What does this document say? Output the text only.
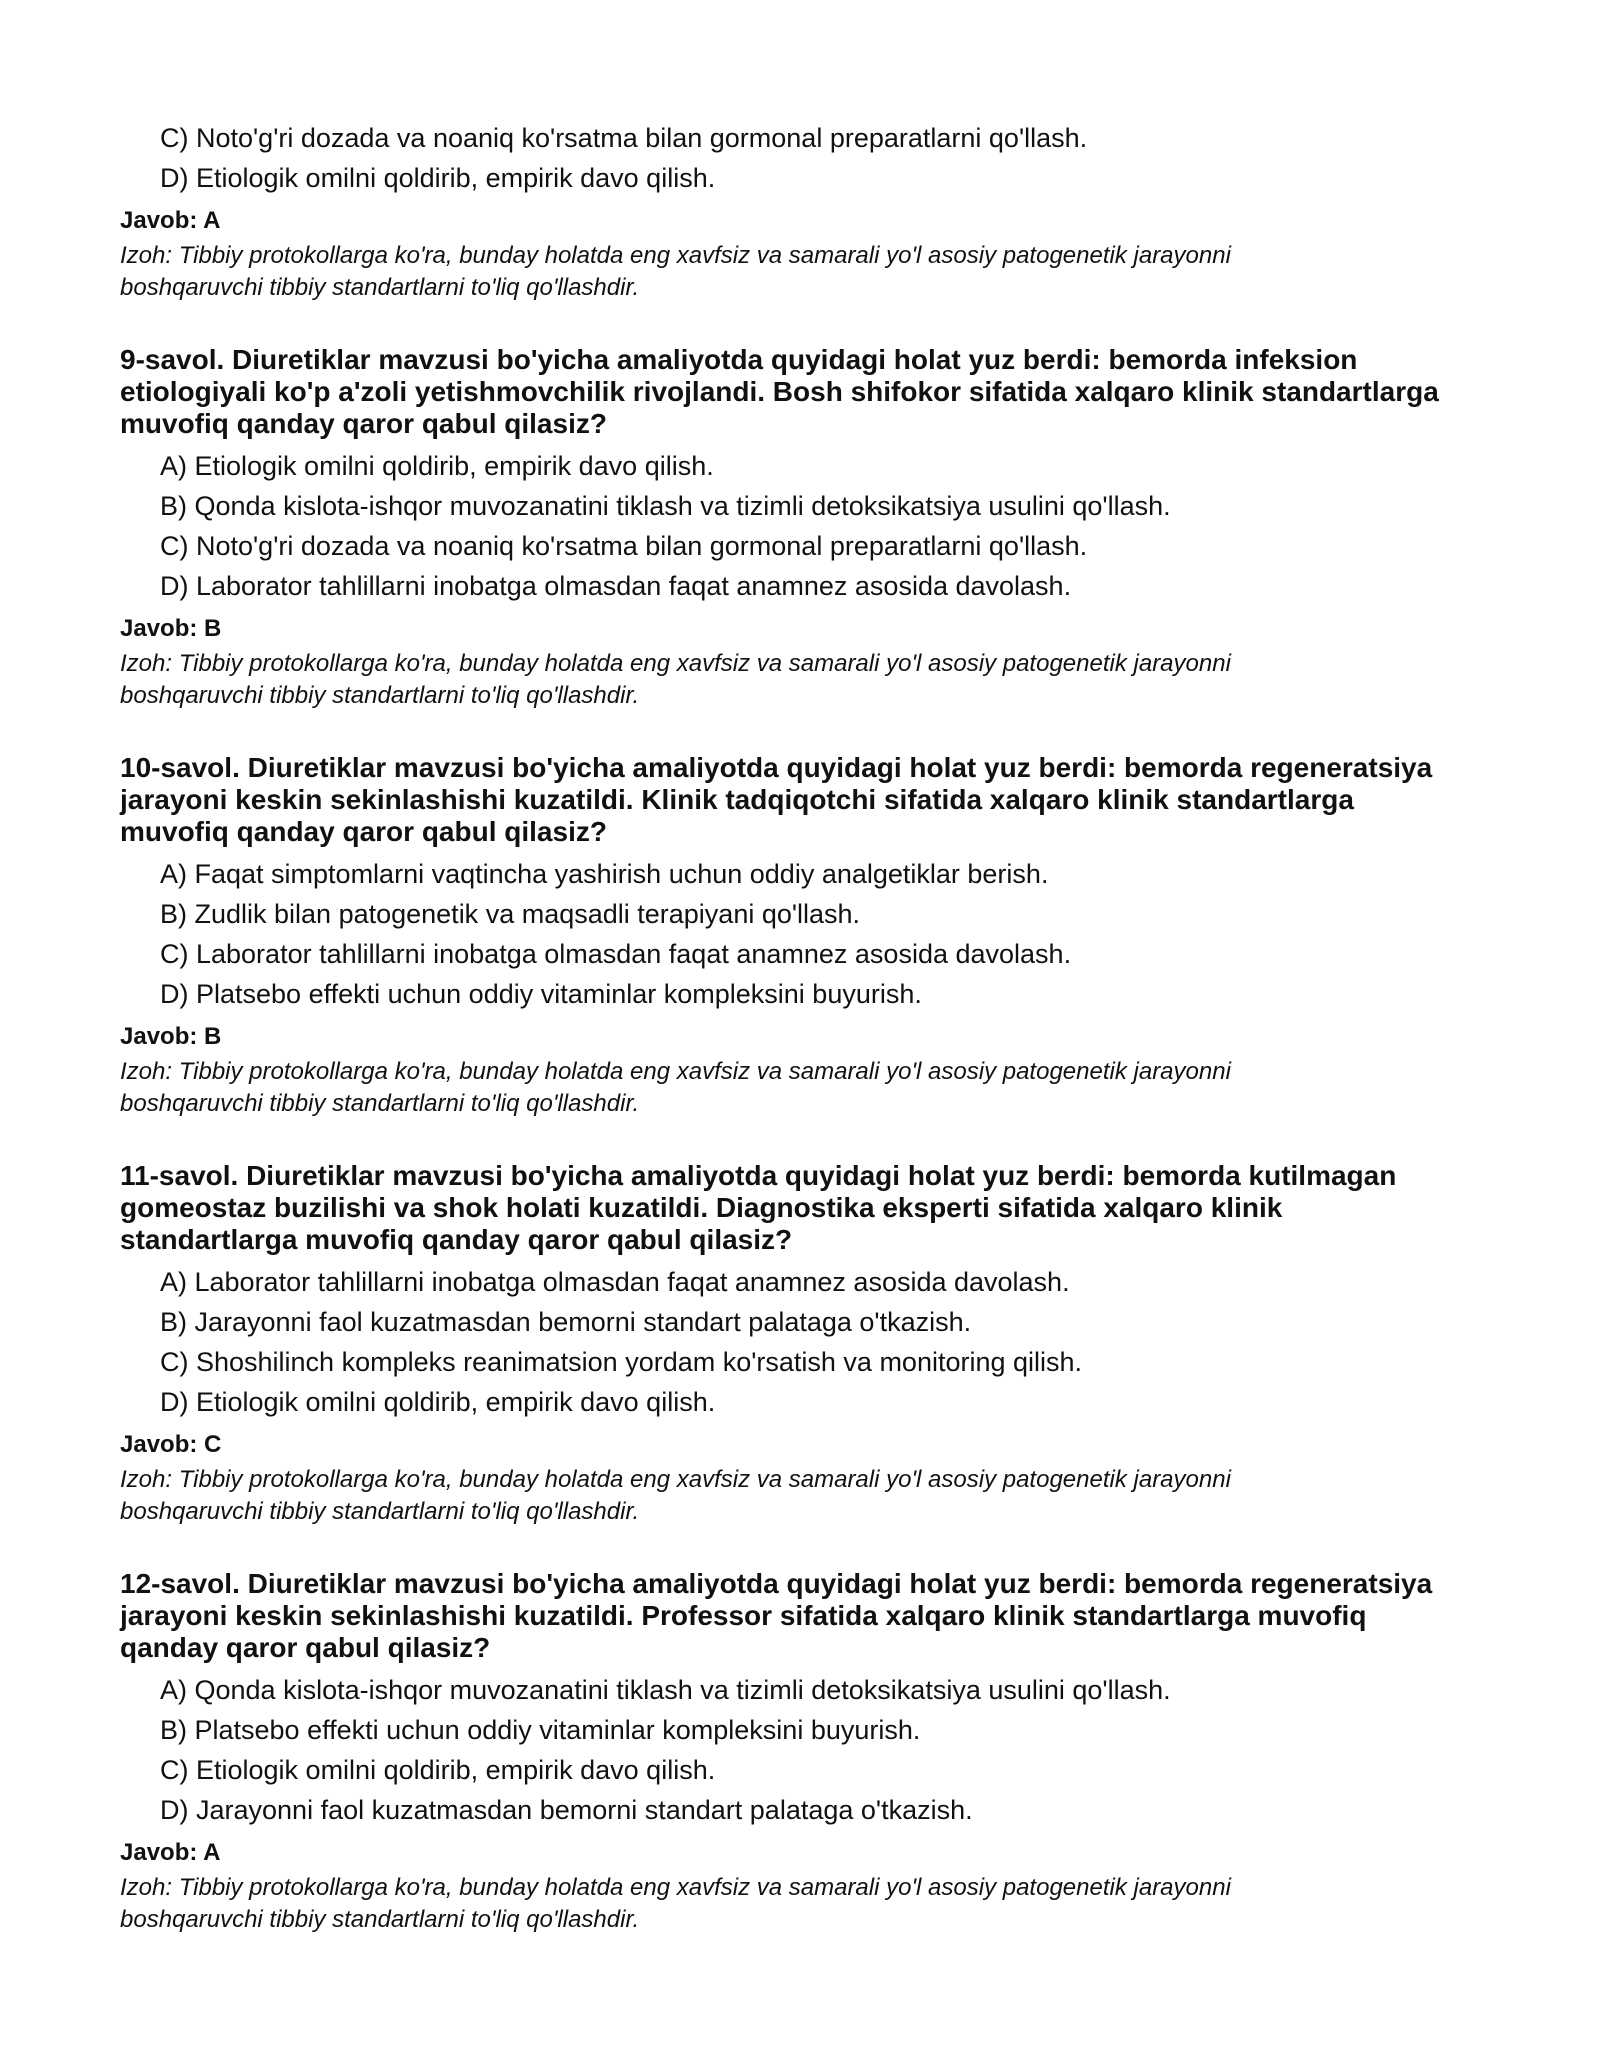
C) Noto'g'ri dozada va noaniq ko'rsatma bilan gormonal preparatlarni qo'llash.
D) Etiologik omilni qoldirib, empirik davo qilish.
Javob: A
Izoh: Tibbiy protokollarga ko'ra, bunday holatda eng xavfsiz va samarali yo'l asosiy patogenetik jarayonni
boshqaruvchi tibbiy standartlarni to'liq qo'llashdir.
9-savol. Diuretiklar mavzusi bo'yicha amaliyotda quyidagi holat yuz berdi: bemorda infeksion
etiologiyali ko'p a'zoli yetishmovchilik rivojlandi. Bosh shifokor sifatida xalqaro klinik standartlarga
muvofiq qanday qaror qabul qilasiz?
A) Etiologik omilni qoldirib, empirik davo qilish.
B) Qonda kislota-ishqor muvozanatini tiklash va tizimli detoksikatsiya usulini qo'llash.
C) Noto'g'ri dozada va noaniq ko'rsatma bilan gormonal preparatlarni qo'llash.
D) Laborator tahlillarni inobatga olmasdan faqat anamnez asosida davolash.
Javob: B
Izoh: Tibbiy protokollarga ko'ra, bunday holatda eng xavfsiz va samarali yo'l asosiy patogenetik jarayonni
boshqaruvchi tibbiy standartlarni to'liq qo'llashdir.
10-savol. Diuretiklar mavzusi bo'yicha amaliyotda quyidagi holat yuz berdi: bemorda regeneratsiya
jarayoni keskin sekinlashishi kuzatildi. Klinik tadqiqotchi sifatida xalqaro klinik standartlarga
muvofiq qanday qaror qabul qilasiz?
A) Faqat simptomlarni vaqtincha yashirish uchun oddiy analgetiklar berish.
B) Zudlik bilan patogenetik va maqsadli terapiyani qo'llash.
C) Laborator tahlillarni inobatga olmasdan faqat anamnez asosida davolash.
D) Platsebo effekti uchun oddiy vitaminlar kompleksini buyurish.
Javob: B
Izoh: Tibbiy protokollarga ko'ra, bunday holatda eng xavfsiz va samarali yo'l asosiy patogenetik jarayonni
boshqaruvchi tibbiy standartlarni to'liq qo'llashdir.
11-savol. Diuretiklar mavzusi bo'yicha amaliyotda quyidagi holat yuz berdi: bemorda kutilmagan
gomeostaz buzilishi va shok holati kuzatildi. Diagnostika eksperti sifatida xalqaro klinik
standartlarga muvofiq qanday qaror qabul qilasiz?
A) Laborator tahlillarni inobatga olmasdan faqat anamnez asosida davolash.
B) Jarayonni faol kuzatmasdan bemorni standart palataga o'tkazish.
C) Shoshilinch kompleks reanimatsion yordam ko'rsatish va monitoring qilish.
D) Etiologik omilni qoldirib, empirik davo qilish.
Javob: C
Izoh: Tibbiy protokollarga ko'ra, bunday holatda eng xavfsiz va samarali yo'l asosiy patogenetik jarayonni
boshqaruvchi tibbiy standartlarni to'liq qo'llashdir.
12-savol. Diuretiklar mavzusi bo'yicha amaliyotda quyidagi holat yuz berdi: bemorda regeneratsiya
jarayoni keskin sekinlashishi kuzatildi. Professor sifatida xalqaro klinik standartlarga muvofiq
qanday qaror qabul qilasiz?
A) Qonda kislota-ishqor muvozanatini tiklash va tizimli detoksikatsiya usulini qo'llash.
B) Platsebo effekti uchun oddiy vitaminlar kompleksini buyurish.
C) Etiologik omilni qoldirib, empirik davo qilish.
D) Jarayonni faol kuzatmasdan bemorni standart palataga o'tkazish.
Javob: A
Izoh: Tibbiy protokollarga ko'ra, bunday holatda eng xavfsiz va samarali yo'l asosiy patogenetik jarayonni
boshqaruvchi tibbiy standartlarni to'liq qo'llashdir.
